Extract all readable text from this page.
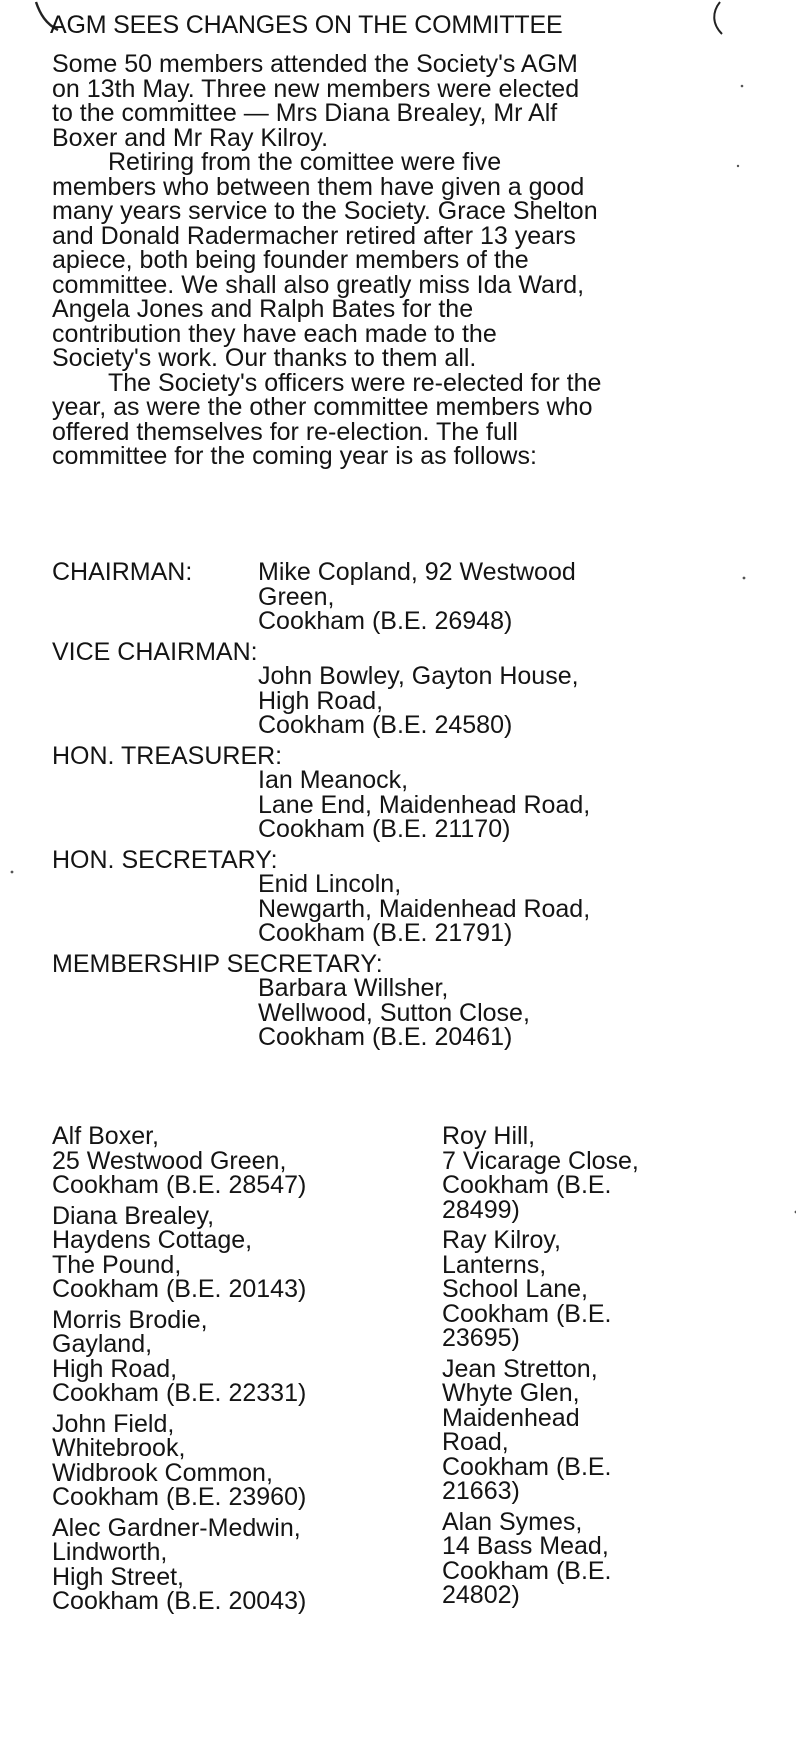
AGM SEES CHANGES ON THE COMMITTEE

Some 50 members attended the Society's AGM
on 13th May. Three new members were elected
to the committee — Mrs Diana Brealey, Mr Alf
Boxer and Mr Ray Kilroy.

Retiring from the comittee were five
members who between them have given a good
many years service to the Society. Grace Shelton
and Donald Radermacher retired after 13 years
apiece, both being founder members of the
committee. We shall also greatly miss Ida Ward,
Angela Jones and Ralph Bates for the
contribution they have each made to the
Society's work. Our thanks to them all.

The Society's officers were re-elected for the
year, as were the other committee members who
offered themselves for re-election. The full
committee for the coming year is as follows:

CHAIRMAN:	Mike Copland, 92 Westwood
Green,
Cookham (B.E. 26948)
VICE CHAIRMAN:
John Bowley, Gayton House,
High Road,
Cookham (B.E. 24580)
HON. TREASURER:
Ian Meanock,
Lane End, Maidenhead Road,
Cookham (B.E. 21170)
HON. SECRETARY:
Enid Lincoln,
Newgarth, Maidenhead Road,
Cookham (B.E. 21791)
MEMBERSHIP SECRETARY:
Barbara Willsher,
Wellwood, Sutton Close,
Cookham (B.E. 20461)
Alf Boxer,
25 Westwood Green,
Cookham (B.E. 28547)
Diana Brealey,
Haydens Cottage,
The Pound,
Cookham (B.E. 20143)
Morris Brodie,
Gayland,
High Road,
Cookham (B.E. 22331)
John Field,
Whitebrook,
Widbrook Common,
Cookham (B.E. 23960)
Alec Gardner-Medwin,
Lindworth,
High Street,
Cookham (B.E. 20043)
Roy Hill,
7 Vicarage Close,
Cookham (B.E.
28499)
Ray Kilroy,
Lanterns,
School Lane,
Cookham (B.E.
23695)
Jean Stretton,
Whyte Glen,
Maidenhead
Road,
Cookham (B.E.
21663)
Alan Symes,
14 Bass Mead,
Cookham (B.E.
24802)
